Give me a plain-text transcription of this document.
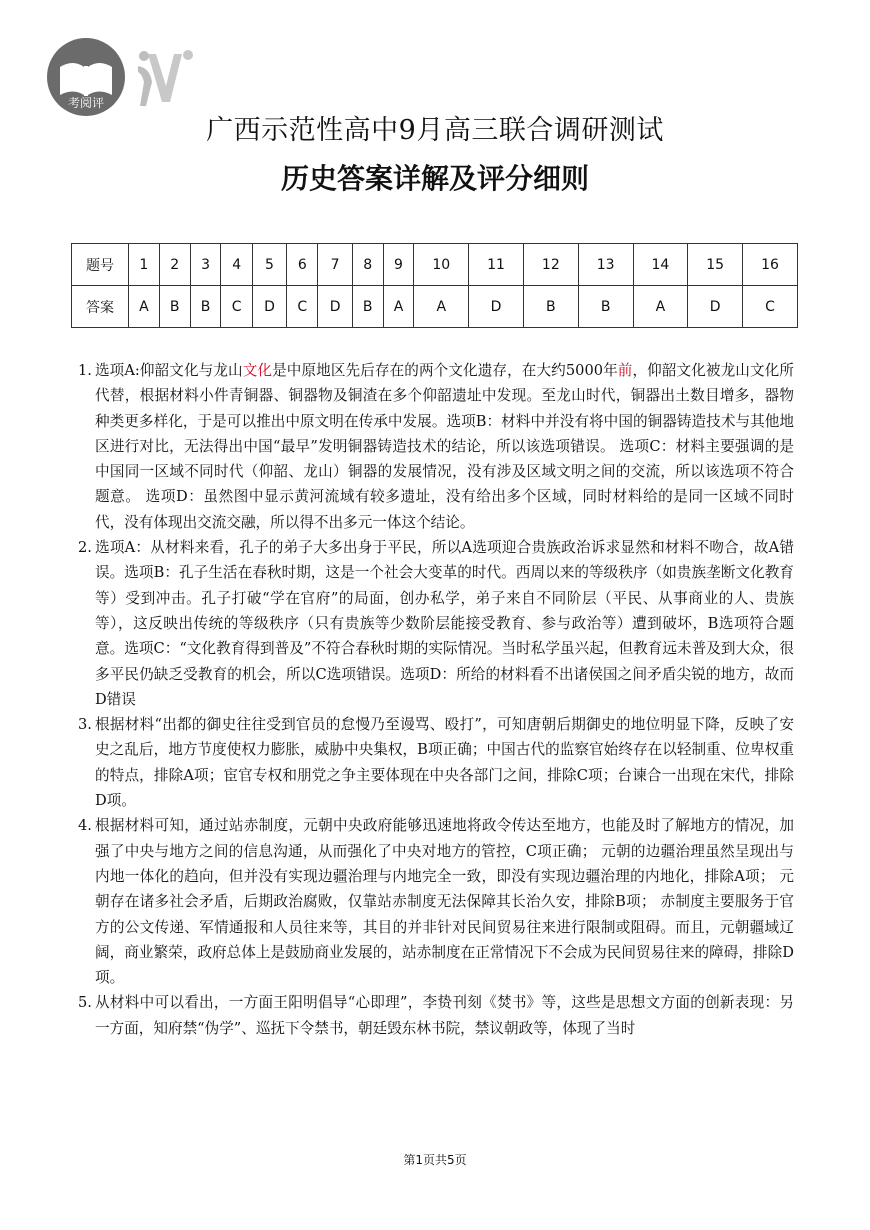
考阅评
广西示范性高中9月高三联合调研测试
历史答案详解及评分细则
题号	1	2	3	4	5	6	7	8	9	10	11	12	13	14	15	16
答案	A	B	B	C	D	C	D	B	A	A	D	B	B	A	D	C
1. 选项A:仰韶文化与龙山文化是中原地区先后存在的两个文化遗存，在大约5000年前，仰韶文化被龙山文化所代替，根据材料小件青铜器、铜器物及铜渣在多个仰韶遗址中发现。至龙山时代，铜器出土数目增多，器物种类更多样化，于是可以推出中原文明在传承中发展。选项B：材料中并没有将中国的铜器铸造技术与其他地区进行对比，无法得出中国“最早”发明铜器铸造技术的结论，所以该选项错误。 选项C：材料主要强调的是中国同一区域不同时代（仰韶、龙山）铜器的发展情况，没有涉及区域文明之间的交流，所以该选项不符合题意。 选项D：虽然图中显示黄河流域有较多遗址，没有给出多个区域，同时材料给的是同一区域不同时代，没有体现出交流交融，所以得不出多元一体这个结论。
2. 选项A：从材料来看，孔子的弟子大多出身于平民，所以A选项迎合贵族政治诉求显然和材料不吻合，故A错误。选项B：孔子生活在春秋时期，这是一个社会大变革的时代。西周以来的等级秩序（如贵族垄断文化教育等）受到冲击。孔子打破“学在官府”的局面，创办私学，弟子来自不同阶层（平民、从事商业的人、贵族等），这反映出传统的等级秩序（只有贵族等少数阶层能接受教育、参与政治等）遭到破坏，B选项符合题意。选项C：“文化教育得到普及”不符合春秋时期的实际情况。当时私学虽兴起，但教育远未普及到大众，很多平民仍缺乏受教育的机会，所以C选项错误。选项D：所给的材料看不出诸侯国之间矛盾尖锐的地方，故而D错误
3. 根据材料“出都的御史往往受到官员的怠慢乃至谩骂、殴打”，可知唐朝后期御史的地位明显下降，反映了安史之乱后，地方节度使权力膨胀，威胁中央集权，B项正确；中国古代的监察官始终存在以轻制重、位卑权重的特点，排除A项；宦官专权和朋党之争主要体现在中央各部门之间，排除C项；台谏合一出现在宋代，排除D项。
4. 根据材料可知，通过站赤制度，元朝中央政府能够迅速地将政令传达至地方，也能及时了解地方的情况，加强了中央与地方之间的信息沟通，从而强化了中央对地方的管控，C项正确； 元朝的边疆治理虽然呈现出与内地一体化的趋向，但并没有实现边疆治理与内地完全一致，即没有实现边疆治理的内地化，排除A项； 元朝存在诸多社会矛盾，后期政治腐败，仅靠站赤制度无法保障其长治久安，排除B项； 赤制度主要服务于官方的公文传递、军情通报和人员往来等，其目的并非针对民间贸易往来进行限制或阻碍。而且，元朝疆域辽阔，商业繁荣，政府总体上是鼓励商业发展的，站赤制度在正常情况下不会成为民间贸易往来的障碍，排除D项。
5. 从材料中可以看出，一方面王阳明倡导“心即理”，李贽刊刻《焚书》等，这些是思想文方面的创新表现：另一方面，知府禁“伪学”、巡抚下令禁书，朝廷毁东林书院，禁议朝政等，体现了当时
第1页共5页
